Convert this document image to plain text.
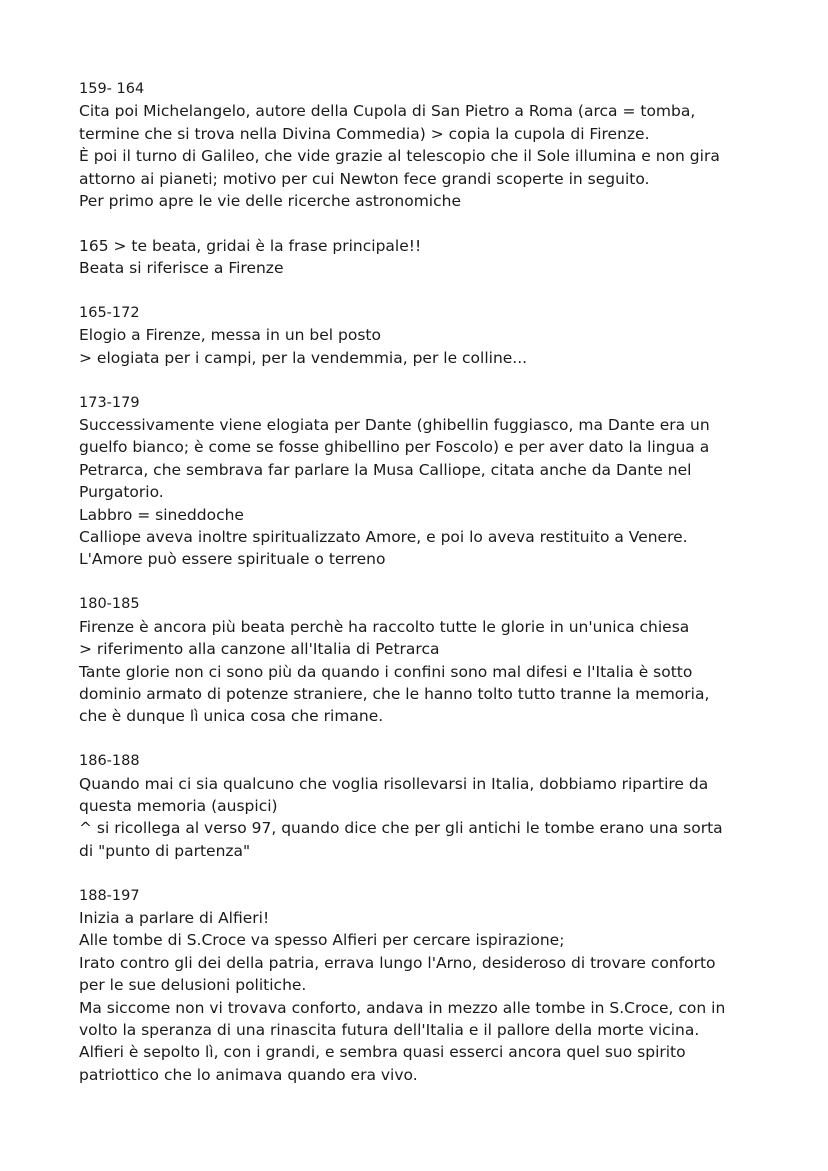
159- 164
Cita poi Michelangelo, autore della Cupola di San Pietro a Roma (arca = tomba,
termine che si trova nella Divina Commedia) > copia la cupola di Firenze.
È poi il turno di Galileo, che vide grazie al telescopio che il Sole illumina e non gira
attorno ai pianeti; motivo per cui Newton fece grandi scoperte in seguito.
Per primo apre le vie delle ricerche astronomiche
165 > te beata, gridai è la frase principale!!
Beata si riferisce a Firenze
165-172
Elogio a Firenze, messa in un bel posto
> elogiata per i campi, per la vendemmia, per le colline...
173-179
Successivamente viene elogiata per Dante (ghibellin fuggiasco, ma Dante era un
guelfo bianco; è come se fosse ghibellino per Foscolo) e per aver dato la lingua a
Petrarca, che sembrava far parlare la Musa Calliope, citata anche da Dante nel
Purgatorio.
Labbro = sineddoche
Calliope aveva inoltre spiritualizzato Amore, e poi lo aveva restituito a Venere.
L'Amore può essere spirituale o terreno
180-185
Firenze è ancora più beata perchè ha raccolto tutte le glorie in un'unica chiesa
> riferimento alla canzone all'Italia di Petrarca
Tante glorie non ci sono più da quando i confini sono mal difesi e l'Italia è sotto
dominio armato di potenze straniere, che le hanno tolto tutto tranne la memoria,
che è dunque lì unica cosa che rimane.
186-188
Quando mai ci sia qualcuno che voglia risollevarsi in Italia, dobbiamo ripartire da
questa memoria (auspici)
^ si ricollega al verso 97, quando dice che per gli antichi le tombe erano una sorta
di "punto di partenza"
188-197
Inizia a parlare di Alfieri!
Alle tombe di S.Croce va spesso Alfieri per cercare ispirazione;
Irato contro gli dei della patria, errava lungo l'Arno, desideroso di trovare conforto
per le sue delusioni politiche.
Ma siccome non vi trovava conforto, andava in mezzo alle tombe in S.Croce, con in
volto la speranza di una rinascita futura dell'Italia e il pallore della morte vicina.
Alfieri è sepolto lì, con i grandi, e sembra quasi esserci ancora quel suo spirito
patriottico che lo animava quando era vivo.
